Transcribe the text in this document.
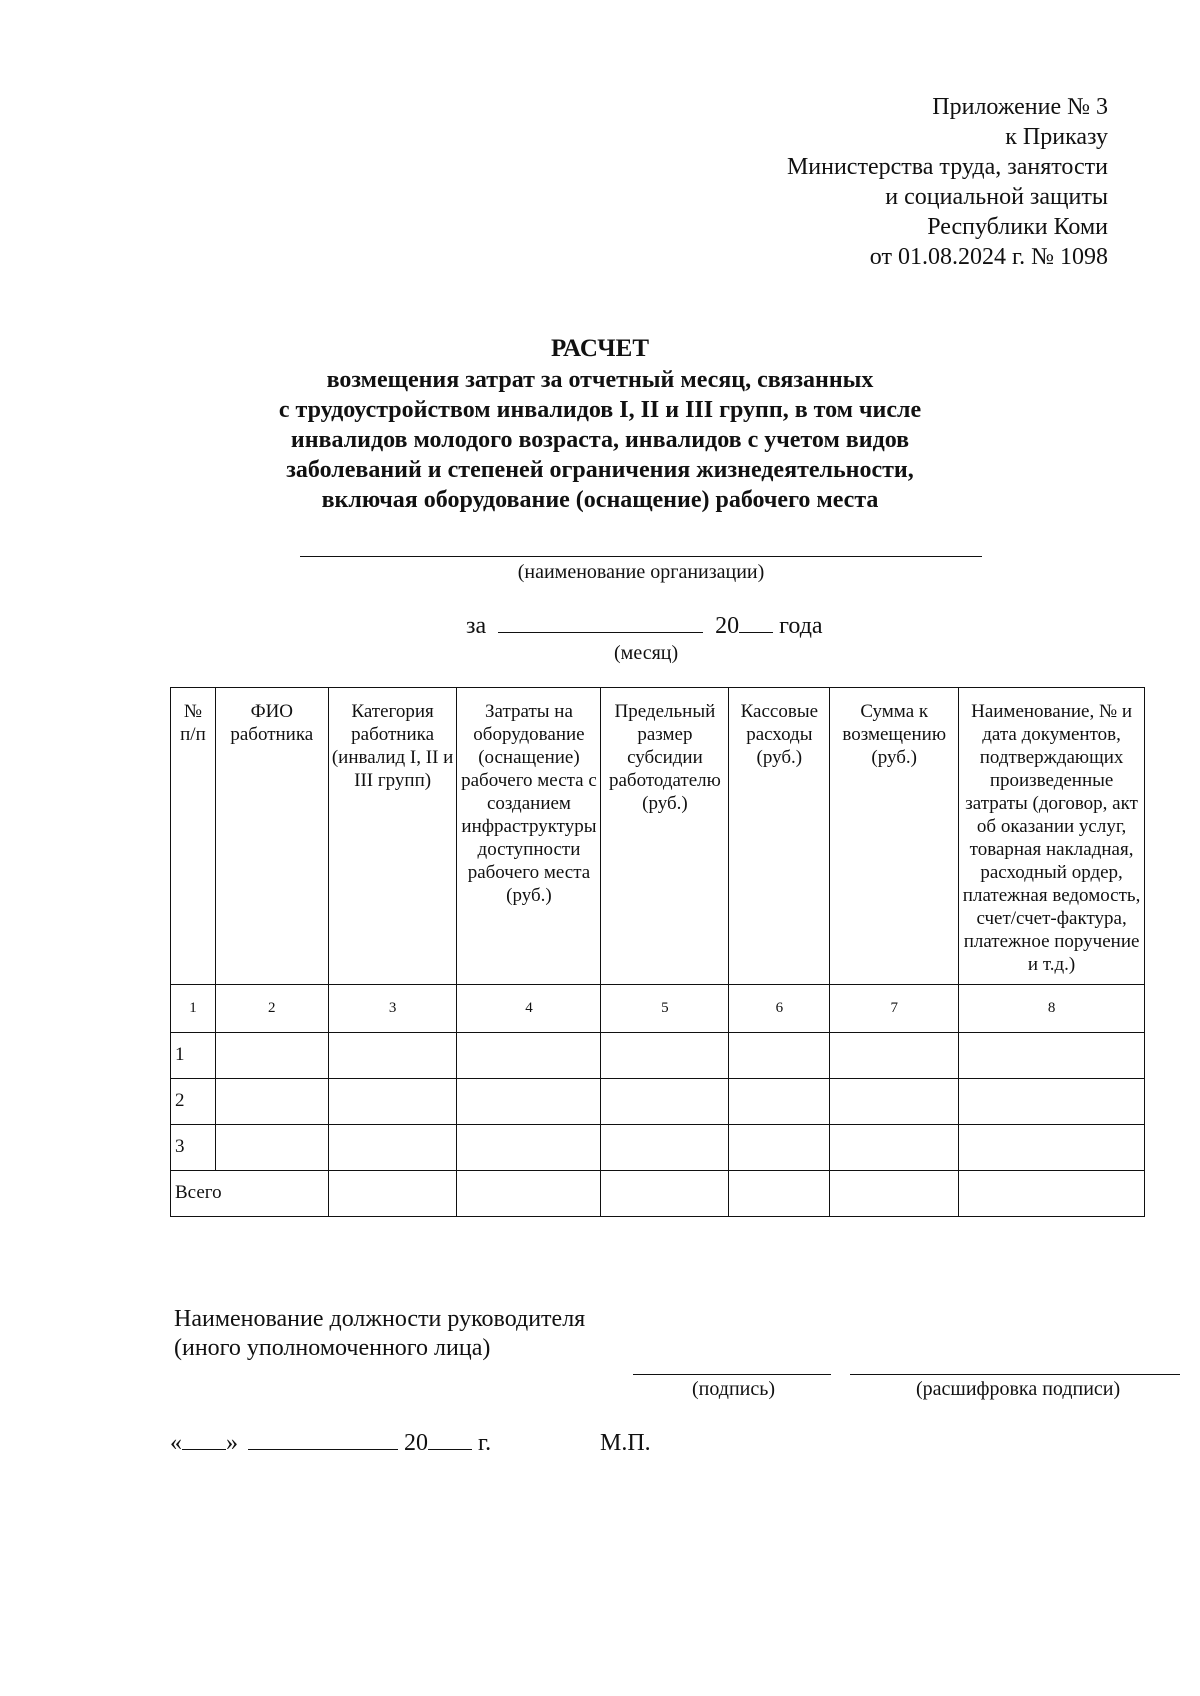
Приложение № 3
к Приказу
Министерства труда, занятости
и социальной защиты
Республики Коми
от 01.08.2024 г. № 1098
РАСЧЕТ
возмещения затрат за отчетный месяц, связанных
с трудоустройством инвалидов I, II и III групп, в том числе
инвалидов молодого возраста, инвалидов с учетом видов
заболеваний и степеней ограничения жизнедеятельности,
включая оборудование (оснащение) рабочего места
(наименование организации)
за	20 года
(месяц)
№ п/п	ФИО работника	Категория работника (инвалид I, II и III групп)	Затраты на оборудование (оснащение) рабочего места с созданием инфраструктуры доступности рабочего места (руб.)	Предельный размер субсидии работодателю (руб.)	Кассовые расходы (руб.)	Сумма к возмещению (руб.)	Наименование, № и дата документов, подтверждающих произведенные затраты (договор, акт об оказании услуг, товарная накладная, расходный ордер, платежная ведомость, счет/счет-фактура, платежное поручение и т.д.)
1	2	3	4	5	6	7	8
1							
2							
3							
Всего							
Наименование должности руководителя
(иного уполномоченного лица)
(подпись)	(расшифровка подписи)
« »	20 г.	М.П.
